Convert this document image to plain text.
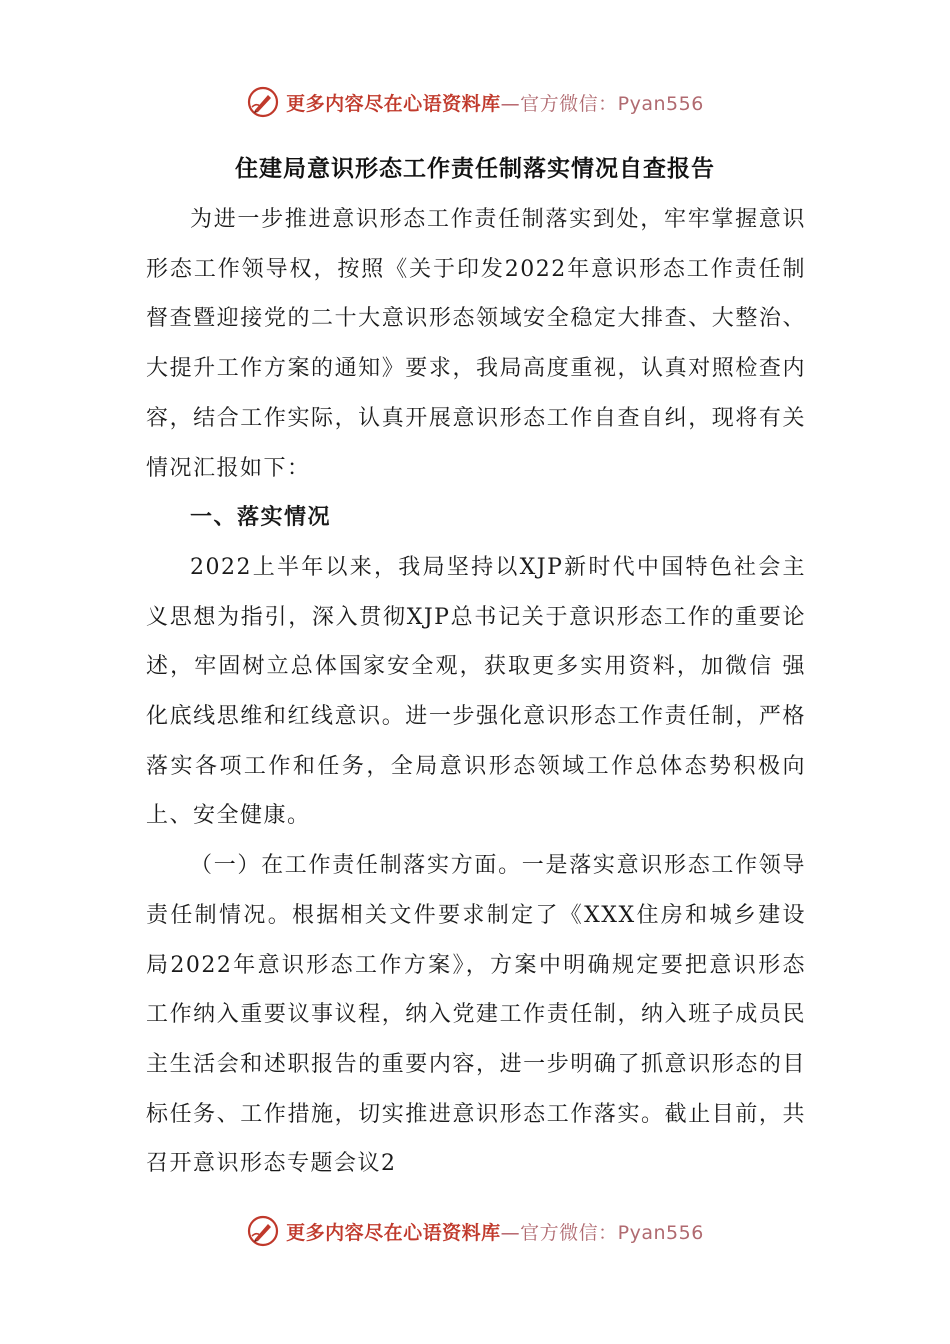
更多内容尽在心语资料库—官方微信：Pyan556
住建局意识形态工作责任制落实情况自查报告

为进一步推进意识形态工作责任制落实到处，牢牢掌握意识形态工作领导权，按照《关于印发2022年意识形态工作责任制督查暨迎接党的二十大意识形态领域安全稳定大排查、大整治、大提升工作方案的通知》要求，我局高度重视，认真对照检查内容，结合工作实际，认真开展意识形态工作自查自纠，现将有关情况汇报如下：

一、落实情况

2022上半年以来，我局坚持以XJP新时代中国特色社会主义思想为指引，深入贯彻XJP总书记关于意识形态工作的重要论述，牢固树立总体国家安全观，获取更多实用资料，加微信 强化底线思维和红线意识。进一步强化意识形态工作责任制，严格落实各项工作和任务，全局意识形态领域工作总体态势积极向上、安全健康。

（一）在工作责任制落实方面。一是落实意识形态工作领导责任制情况。根据相关文件要求制定了《XXX住房和城乡建设局2022年意识形态工作方案》，方案中明确规定要把意识形态工作纳入重要议事议程，纳入党建工作责任制，纳入班子成员民主生活会和述职报告的重要内容，进一步明确了抓意识形态的目标任务、工作措施，切实推进意识形态工作落实。截止目前，共召开意识形态专题会议2

更多内容尽在心语资料库—官方微信：Pyan556
